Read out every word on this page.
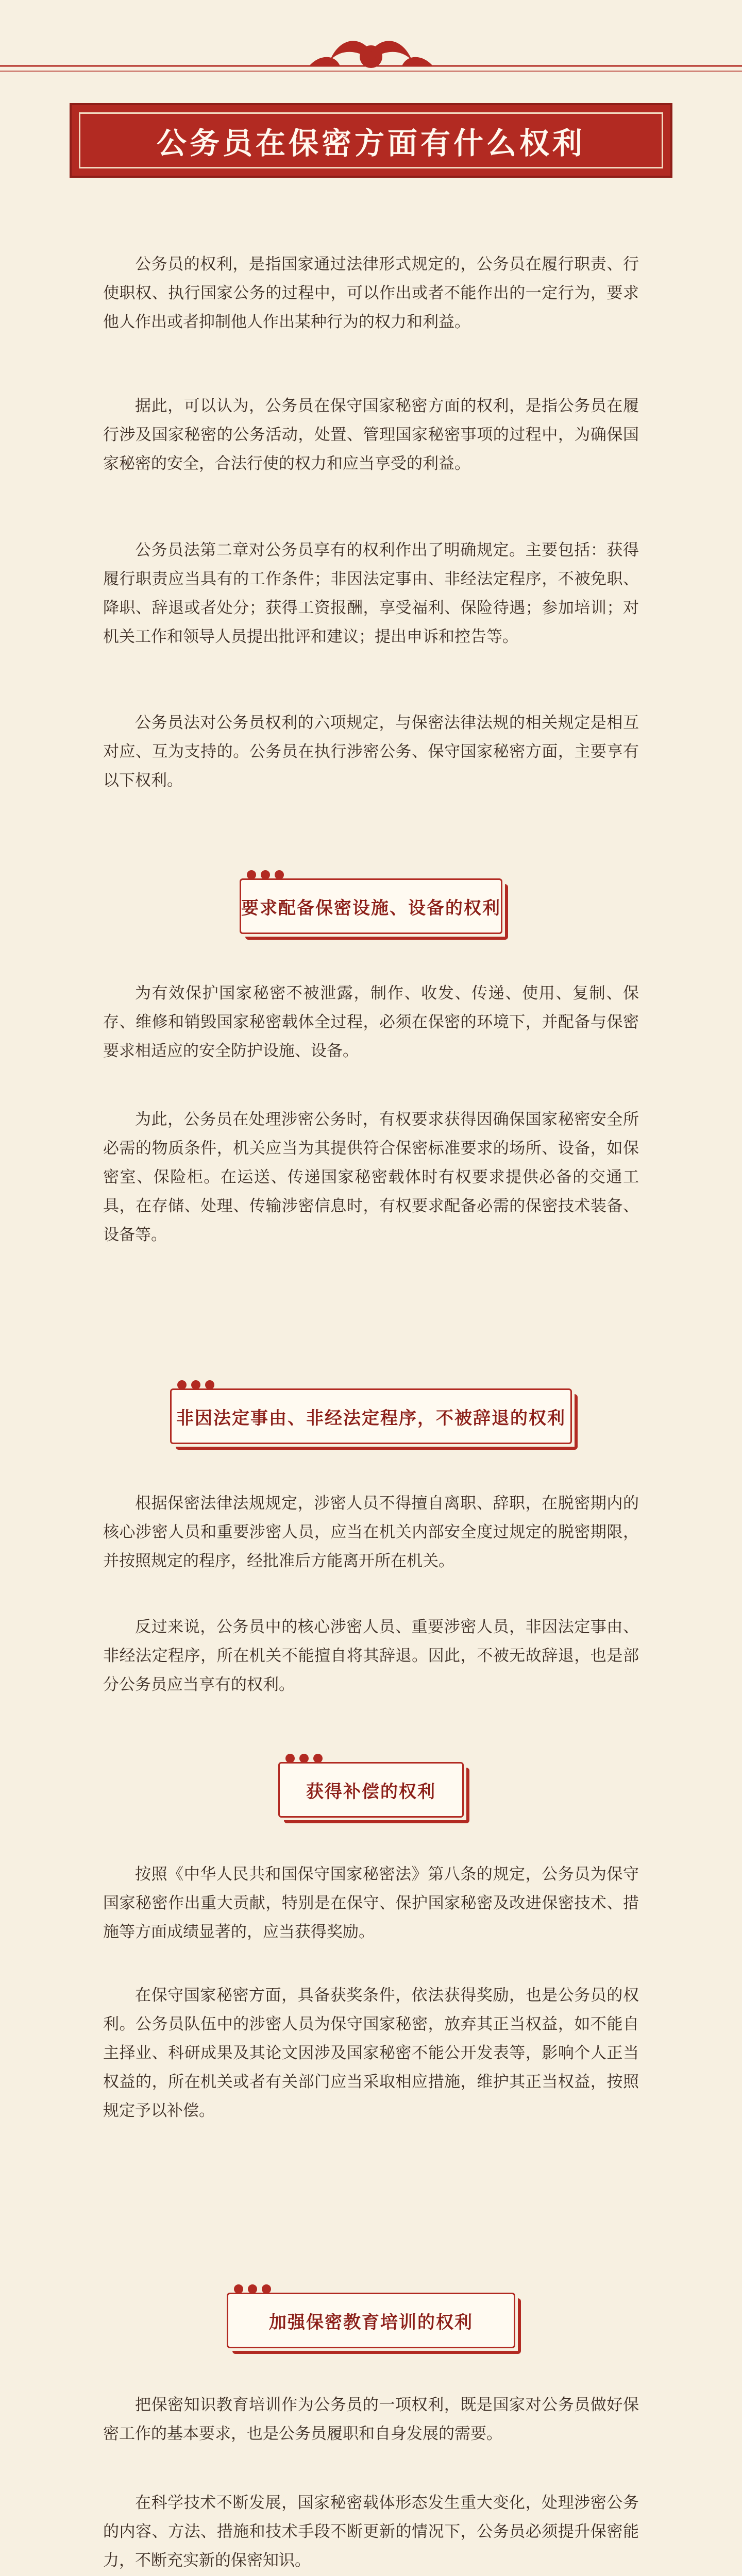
公务员在保密方面有什么权利

公务员的权利，是指国家通过法律形式规定的，公务员在履行职责、行使职权、执行国家公务的过程中，可以作出或者不能作出的一定行为，要求他人作出或者抑制他人作出某种行为的权力和利益。

据此，可以认为，公务员在保守国家秘密方面的权利，是指公务员在履行涉及国家秘密的公务活动，处置、管理国家秘密事项的过程中，为确保国家秘密的安全，合法行使的权力和应当享受的利益。

公务员法第二章对公务员享有的权利作出了明确规定。主要包括：获得履行职责应当具有的工作条件；非因法定事由、非经法定程序，不被免职、降职、辞退或者处分；获得工资报酬，享受福利、保险待遇；参加培训；对机关工作和领导人员提出批评和建议；提出申诉和控告等。

公务员法对公务员权利的六项规定，与保密法律法规的相关规定是相互对应、互为支持的。公务员在执行涉密公务、保守国家秘密方面，主要享有以下权利。

要求配备保密设施、设备的权利

为有效保护国家秘密不被泄露，制作、收发、传递、使用、复制、保存、维修和销毁国家秘密载体全过程，必须在保密的环境下，并配备与保密要求相适应的安全防护设施、设备。

为此，公务员在处理涉密公务时，有权要求获得因确保国家秘密安全所必需的物质条件，机关应当为其提供符合保密标准要求的场所、设备，如保密室、保险柜。在运送、传递国家秘密载体时有权要求提供必备的交通工具，在存储、处理、传输涉密信息时，有权要求配备必需的保密技术装备、设备等。

非因法定事由、非经法定程序，不被辞退的权利

根据保密法律法规规定，涉密人员不得擅自离职、辞职，在脱密期内的核心涉密人员和重要涉密人员，应当在机关内部安全度过规定的脱密期限，并按照规定的程序，经批准后方能离开所在机关。

反过来说，公务员中的核心涉密人员、重要涉密人员，非因法定事由、非经法定程序，所在机关不能擅自将其辞退。因此，不被无故辞退，也是部分公务员应当享有的权利。

获得补偿的权利

按照《中华人民共和国保守国家秘密法》第八条的规定，公务员为保守国家秘密作出重大贡献，特别是在保守、保护国家秘密及改进保密技术、措施等方面成绩显著的，应当获得奖励。

在保守国家秘密方面，具备获奖条件，依法获得奖励，也是公务员的权利。公务员队伍中的涉密人员为保守国家秘密，放弃其正当权益，如不能自主择业、科研成果及其论文因涉及国家秘密不能公开发表等，影响个人正当权益的，所在机关或者有关部门应当采取相应措施，维护其正当权益，按照规定予以补偿。

加强保密教育培训的权利

把保密知识教育培训作为公务员的一项权利，既是国家对公务员做好保密工作的基本要求，也是公务员履职和自身发展的需要。

在科学技术不断发展，国家秘密载体形态发生重大变化，处理涉密公务的内容、方法、措施和技术手段不断更新的情况下，公务员必须提升保密能力，不断充实新的保密知识。
